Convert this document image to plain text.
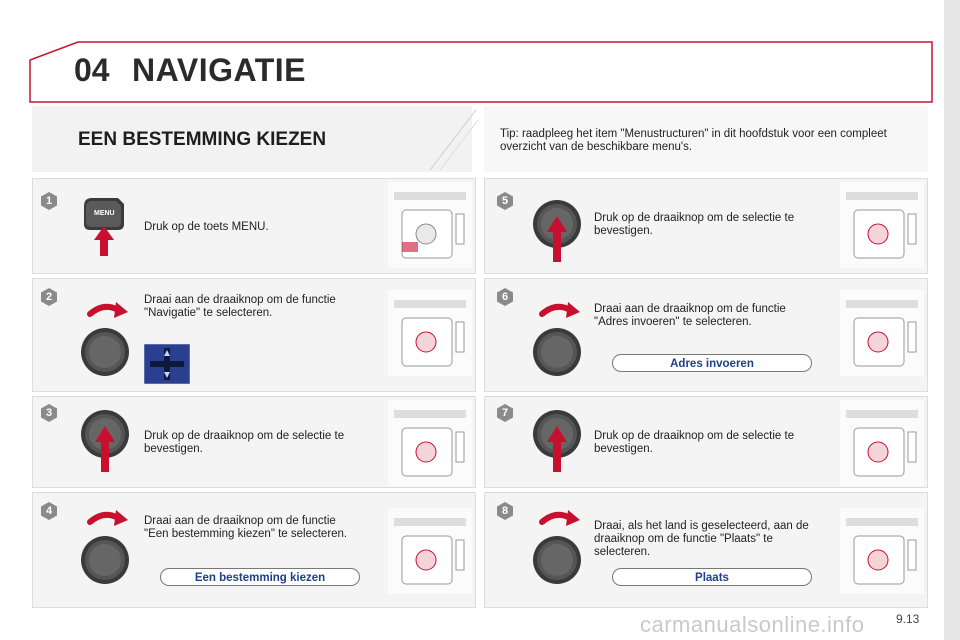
04 NAVIGATIE
EEN BESTEMMING KIEZEN	Tip: raadpleeg het item "Menustructuren" in dit hoofdstuk voor een compleet overzicht van de beschikbare menu's.
1
2
3
4
5
6
7
8
Druk op de toets MENU.
Draai aan de draaiknop om de functie "Navigatie" te selecteren.
Druk op de draaiknop om de selectie te bevestigen.
Draai aan de draaiknop om de functie "Een bestemming kiezen" te selecteren.
Druk op de draaiknop om de selectie te bevestigen.
Draai aan de draaiknop om de functie "Adres invoeren" te selecteren.
Druk op de draaiknop om de selectie te bevestigen.
Draai, als het land is geselecteerd, aan de draaiknop om de functie "Plaats" te selecteren.
Een bestemming kiezen
Adres invoeren
Plaats
MENU
9.13
carmanualsonline.info
